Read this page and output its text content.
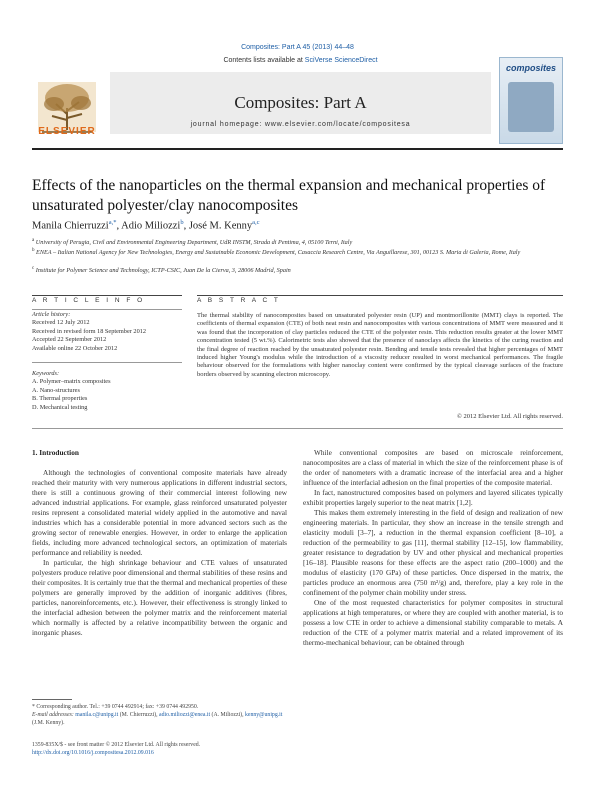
Composites: Part A 45 (2013) 44–48
ELSEVIER
Contents lists available at SciVerse ScienceDirect
Composites: Part A
journal homepage: www.elsevier.com/locate/compositesa
composites
Effects of the nanoparticles on the thermal expansion and mechanical properties of unsaturated polyester/clay nanocomposites
Manila Chierruzzi$^{a,*}$, Adio Miliozzi$^b$, José M. Kenny$^{a,c}$
$^a$ University of Perugia, Civil and Environmental Engineering Department, UdR INSTM, Strada di Pentima, 4, 05100 Terni, Italy
$^b$ ENEA – Italian National Agency for New Technologies, Energy and Sustainable Economic Development, Casaccia Research Centre, Via Anguillarese, 301, 00123 S. Maria di Galeria, Rome, Italy
$^c$ Institute for Polymer Science and Technology, ICTP-CSIC, Juan De la Cierva, 3, 28006 Madrid, Spain
A R T I C L E I N F O	A B S T R A C T
Article history:
Received 12 July 2012
Received in revised form 18 September 2012
Accepted 22 September 2012
Available online 22 October 2012
Keywords:
A. Polymer–matrix composites
A. Nano-structures
B. Thermal properties
D. Mechanical testing
The thermal stability of nanocomposites based on unsaturated polyester resin (UP) and montmorillonite (MMT) clays is reported. The coefficients of thermal expansion (CTE) of both neat resin and nanocomposites with various concentrations of MMT were measured and it was found that the incorporation of clay particles reduced the CTE of the polyester resin. This reduction results greater at the lower MMT concentration tested (5 wt.%). Calorimetric tests also showed that the presence of nanoclays affects the kinetics of the curing reaction and the final degree of reaction reached by the unsaturated polyester resin. Bending and tensile tests revealed that higher percentages of MMT induced higher Young's modulus while the introduction of a viscosity reducer resulted in worst mechanical performances. The fragile behaviour observed for the formulations with higher nanoclay content were confirmed by the typical cleavage surfaces of the fracture borders observed by scanning electron microscopy.
© 2012 Elsevier Ltd. All rights reserved.
1. Introduction

Although the technologies of conventional composite materials have already reached their maturity with very numerous applications in different industrial sectors, there is still a continuous growing of their commercial interest following new advanced industrial applications. For example, glass reinforced unsaturated polyester resins represent a consolidated material widely applied in the automotive and naval industries which has a considerable potential in more advanced sectors such as the growing sector of renewable energies. However, in order to enlarge the application fields, including more advanced technological sectors, an optimization of materials performance and reliability is needed.

In particular, the high shrinkage behaviour and CTE values of unsaturated polyesters produce relative poor dimensional and thermal stabilities of these resins and their composites. It is certainly true that the thermal and mechanical properties of these polymers are generally improved by the addition of inorganic additives (fibres, particles, nanoreinforcements, etc.). However, their effectiveness is strongly linked to the interfacial adhesion between the polymer matrix and the reinforcement material which normally is affected by a relative incompatibility between the organic and inorganic phases.

While conventional composites are based on microscale reinforcement, nanocomposites are a class of material in which the size of the reinforcement phase is of the order of nanometers with a dramatic increase of the interfacial area and a higher influence of the interfacial adhesion on the final properties of the composite material.

In fact, nanostructured composites based on polymers and layered silicates typically exhibit properties largely superior to the neat matrix [1,2].

This makes them extremely interesting in the field of design and realization of new engineering materials. In particular, they show an increase in the tensile strength and elasticity moduli [3–7], a reduction in the thermal expansion coefficient [8–10], a reduction of the permeability to gas [11], thermal stability [12–15], low flammability, greater resistance to degradation by UV and other physical and mechanical properties [16–18]. Plausible reasons for these effects are the aspect ratio (200–1000) and the modulus of elasticity (170 GPa) of these particles. Once dispersed in the matrix, the particles produce an enormous area (750 m²/g) and, therefore, play a key role in the confinement of the polymer chain mobility under stress.

One of the most requested characteristics for polymer composites in structural applications at high temperatures, or where they are coupled with another material, is to possess a low CTE in order to achieve a dimensional stability comparable to metals. A reduction of the CTE of a polymer matrix material and a related improvement of its thermo-mechanical behaviour, can be obtained through

* Corresponding author. Tel.: +39 0744 492914; fax: +39 0744 492950.
E-mail addresses: manila.c@unipg.it (M. Chierruzzi), adio.miliozzi@enea.it (A. Miliozzi), kenny@unipg.it (J.M. Kenny).
1359-835X/$ - see front matter © 2012 Elsevier Ltd. All rights reserved.
http://dx.doi.org/10.1016/j.compositesa.2012.09.016
